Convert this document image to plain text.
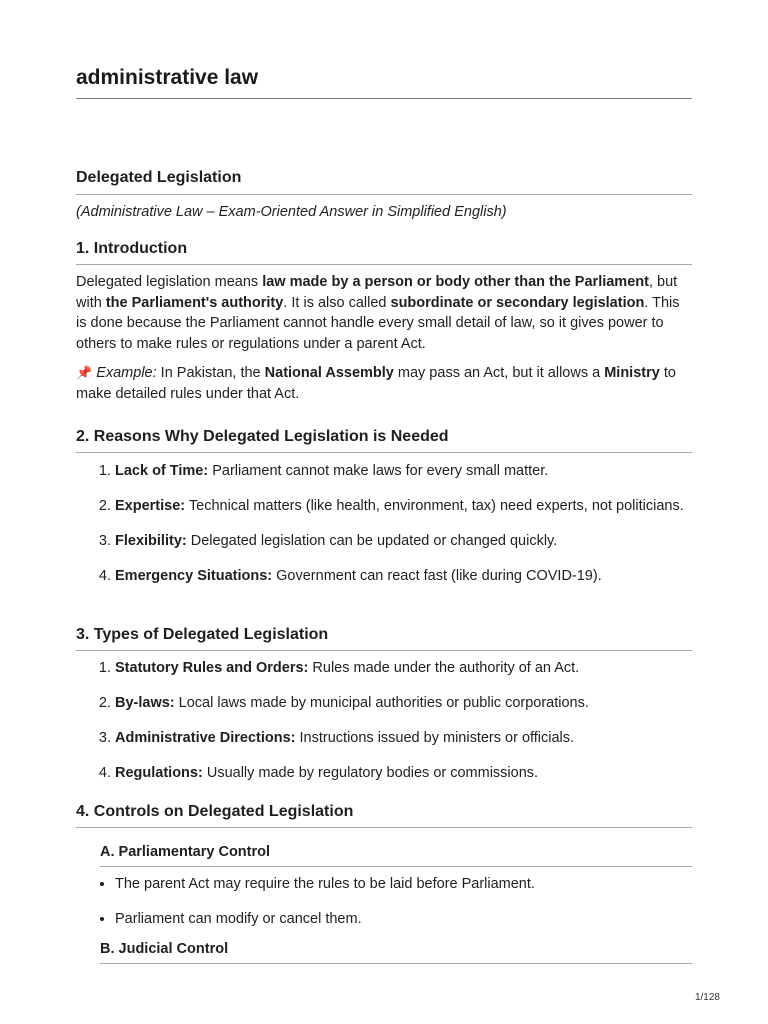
administrative law
Delegated Legislation

(Administrative Law – Exam-Oriented Answer in Simplified English)

1. Introduction

Delegated legislation means law made by a person or body other than the Parliament, but with the Parliament's authority. It is also called subordinate or secondary legislation. This is done because the Parliament cannot handle every small detail of law, so it gives power to others to make rules or regulations under a parent Act.

📌 Example: In Pakistan, the National Assembly may pass an Act, but it allows a Ministry to make detailed rules under that Act.

2. Reasons Why Delegated Legislation is Needed
1. Lack of Time: Parliament cannot make laws for every small matter.
2. Expertise: Technical matters (like health, environment, tax) need experts, not politicians.
3. Flexibility: Delegated legislation can be updated or changed quickly.
4. Emergency Situations: Government can react fast (like during COVID-19).
3. Types of Delegated Legislation
1. Statutory Rules and Orders: Rules made under the authority of an Act.
2. By-laws: Local laws made by municipal authorities or public corporations.
3. Administrative Directions: Instructions issued by ministers or officials.
4. Regulations: Usually made by regulatory bodies or commissions.
4. Controls on Delegated Legislation
A. Parliamentary Control
• The parent Act may require the rules to be laid before Parliament.
• Parliament can modify or cancel them.
B. Judicial Control
1/128
